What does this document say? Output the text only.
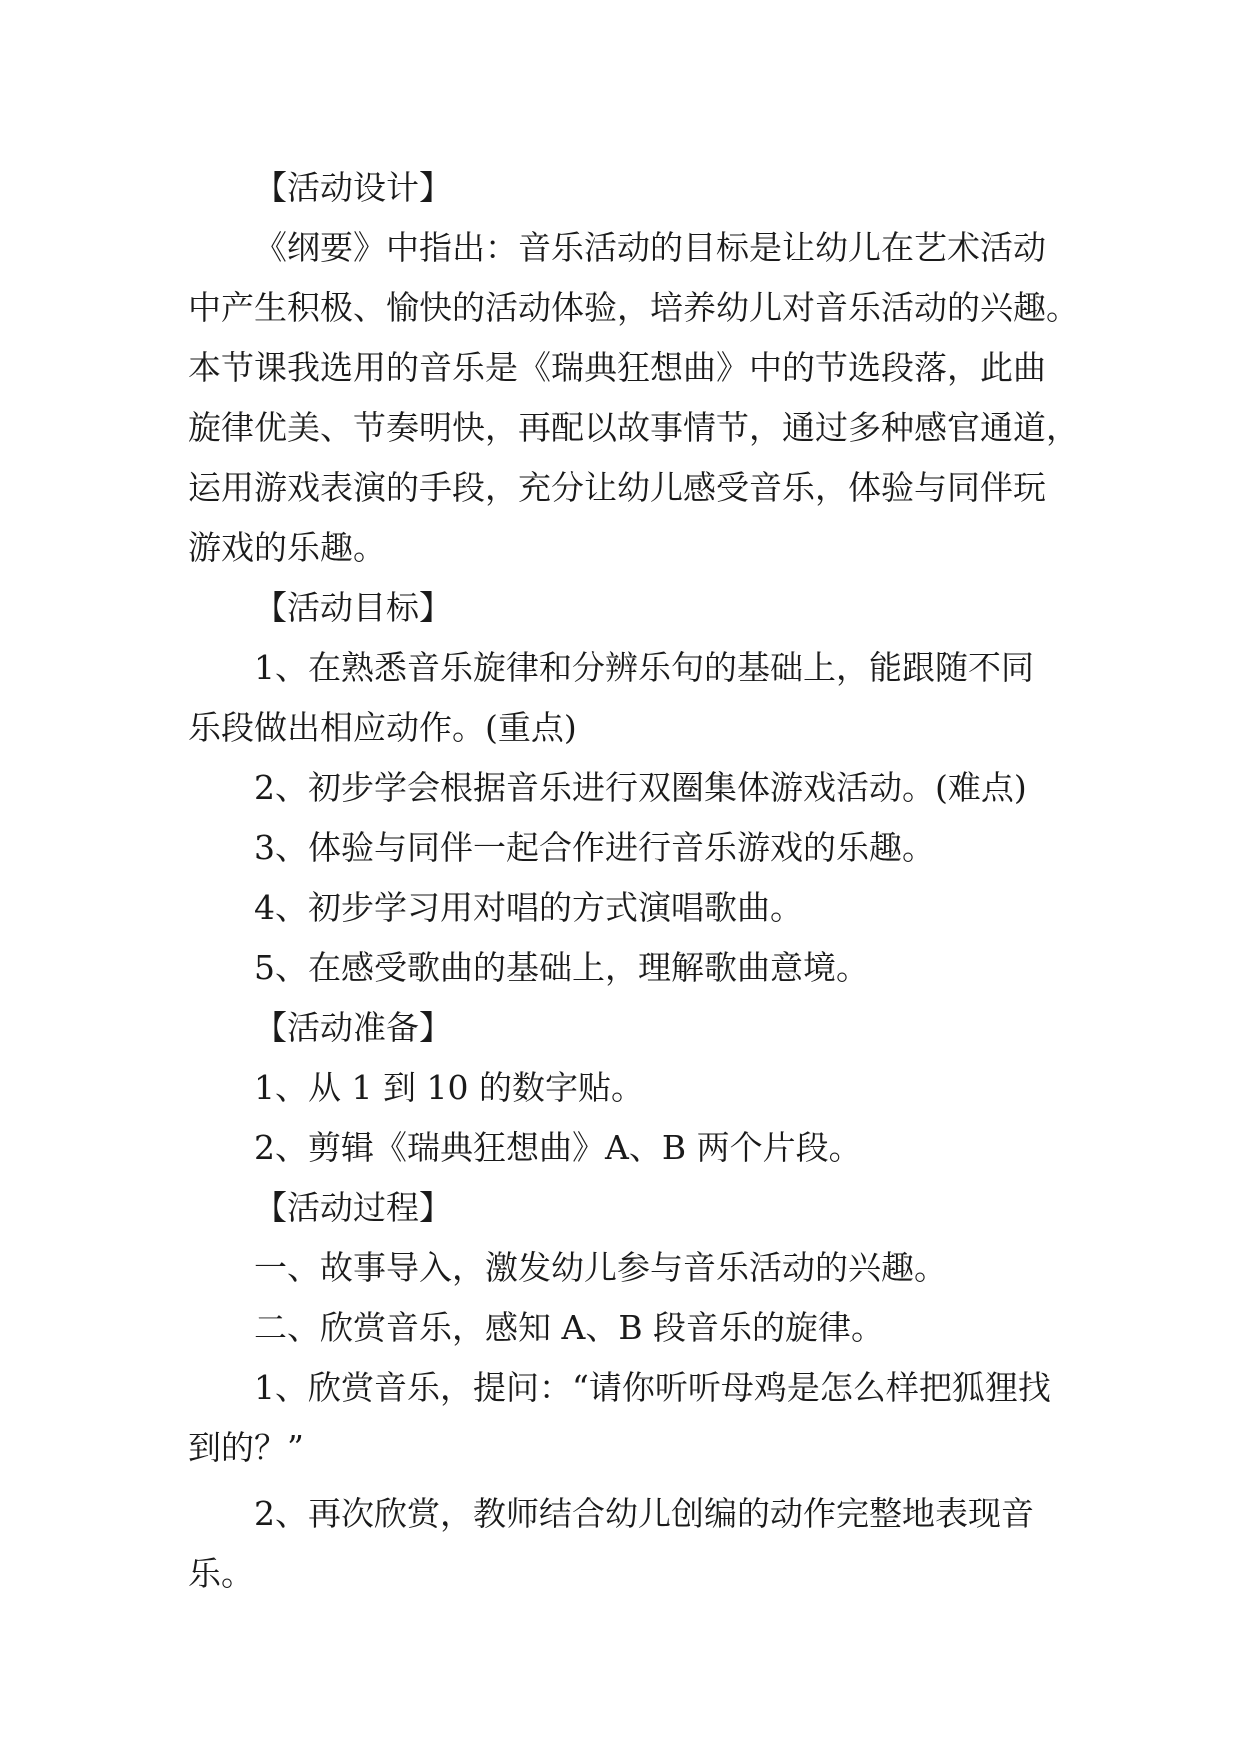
【活动设计】
《纲要》中指出：音乐活动的目标是让幼儿在艺术活动
中产生积极、愉快的活动体验，培养幼儿对音乐活动的兴趣。
本节课我选用的音乐是《瑞典狂想曲》中的节选段落，此曲
旋律优美、节奏明快，再配以故事情节，通过多种感官通道，
运用游戏表演的手段，充分让幼儿感受音乐，体验与同伴玩
游戏的乐趣。
【活动目标】
1、在熟悉音乐旋律和分辨乐句的基础上，能跟随不同
乐段做出相应动作。(重点)
2、初步学会根据音乐进行双圈集体游戏活动。(难点)
3、体验与同伴一起合作进行音乐游戏的乐趣。
4、初步学习用对唱的方式演唱歌曲。
5、在感受歌曲的基础上，理解歌曲意境。
【活动准备】
1、从 1 到 10 的数字贴。
2、剪辑《瑞典狂想曲》A、B 两个片段。
【活动过程】
一、故事导入，激发幼儿参与音乐活动的兴趣。
二、欣赏音乐，感知 A、B 段音乐的旋律。
1、欣赏音乐，提问：“请你听听母鸡是怎么样把狐狸找
到的？”
2、再次欣赏，教师结合幼儿创编的动作完整地表现音
乐。
